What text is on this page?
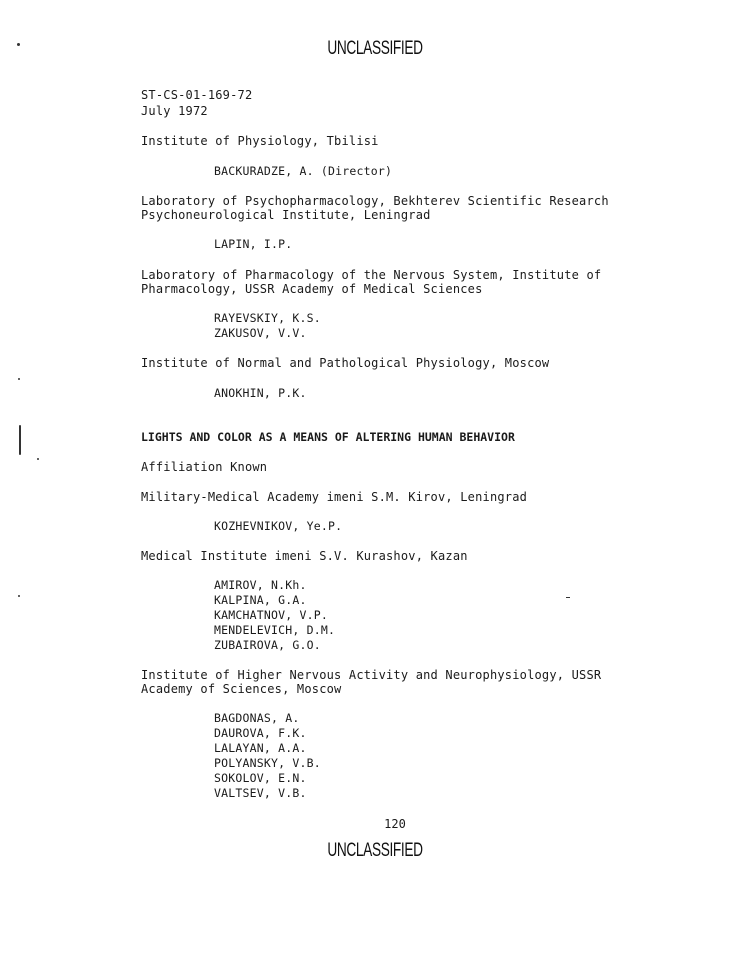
UNCLASSIFIED
ST-CS-01-169-72
July 1972
Institute of Physiology, Tbilisi
BACKURADZE, A. (Director)
Laboratory of Psychopharmacology, Bekhterev Scientific Research
Psychoneurological Institute, Leningrad
LAPIN, I.P.
Laboratory of Pharmacology of the Nervous System, Institute of
Pharmacology, USSR Academy of Medical Sciences
RAYEVSKIY, K.S.
ZAKUSOV, V.V.
Institute of Normal and Pathological Physiology, Moscow
ANOKHIN, P.K.
LIGHTS AND COLOR AS A MEANS OF ALTERING HUMAN BEHAVIOR
Affiliation Known
Military-Medical Academy imeni S.M. Kirov, Leningrad
KOZHEVNIKOV, Ye.P.
Medical Institute imeni S.V. Kurashov, Kazan
AMIROV, N.Kh.
KALPINA, G.A.
KAMCHATNOV, V.P.
MENDELEVICH, D.M.
ZUBAIROVA, G.O.
Institute of Higher Nervous Activity and Neurophysiology, USSR
Academy of Sciences, Moscow
BAGDONAS, A.
DAUROVA, F.K.
LALAYAN, A.A.
POLYANSKY, V.B.
SOKOLOV, E.N.
VALTSEV, V.B.
120
UNCLASSIFIED
